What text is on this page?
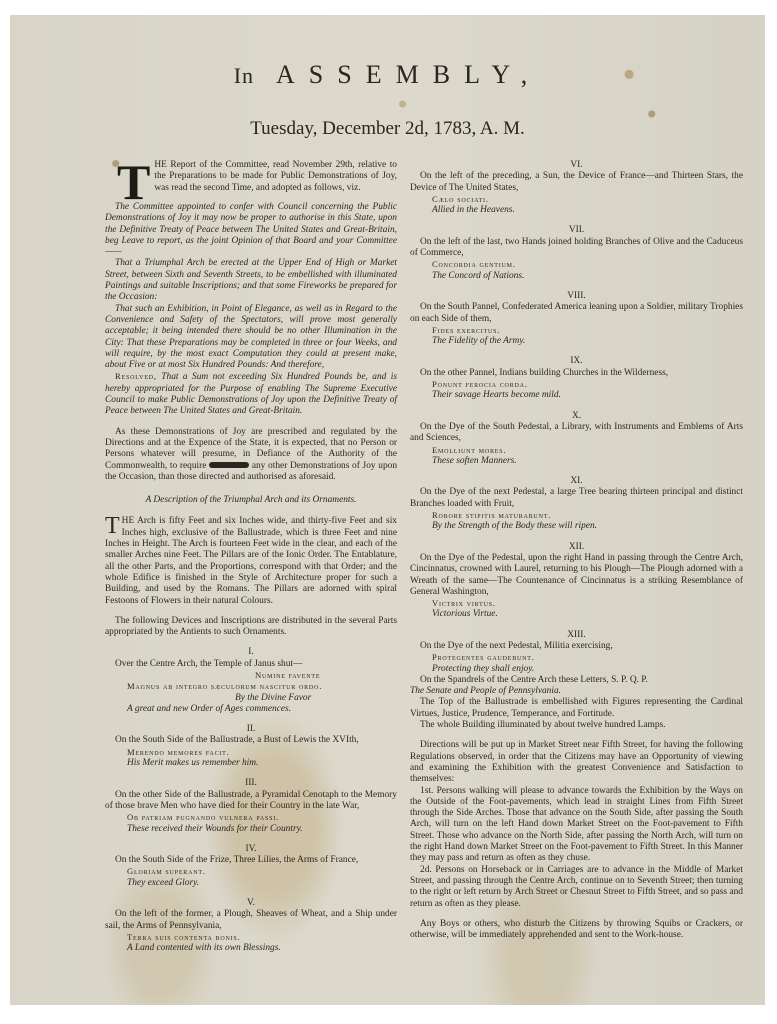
In ASSEMBLY,
Tuesday, December 2d, 1783, A. M.

THE Report of the Committee, read November 29th, relative to the Preparations to be made for Public Demonstrations of Joy, was read the second Time, and adopted as follows, viz.

The Committee appointed to confer with Council concerning the Public Demonstrations of Joy it may now be proper to authorise in this State, upon the Definitive Treaty of Peace between The United States and Great-Britain, beg Leave to report, as the joint Opinion of that Board and your Committee——

That a Triumphal Arch be erected at the Upper End of High or Market Street, between Sixth and Seventh Streets, to be embellished with illuminated Paintings and suitable Inscriptions; and that some Fireworks be prepared for the Occasion:

That such an Exhibition, in Point of Elegance, as well as in Regard to the Convenience and Safety of the Spectators, will prove most generally acceptable; it being intended there should be no other Illumination in the City: That these Preparations may be completed in three or four Weeks, and will require, by the most exact Computation they could at present make, about Five or at most Six Hundred Pounds: And therefore,

Resolved, That a Sum not exceeding Six Hundred Pounds be, and is hereby appropriated for the Purpose of enabling The Supreme Executive Council to make Public Demonstrations of Joy upon the Definitive Treaty of Peace between The United States and Great-Britain.

As these Demonstrations of Joy are prescribed and regulated by the Directions and at the Expence of the State, it is expected, that no Person or Persons whatever will presume, in Defiance of the Authority of the Commonwealth, to require	any other Demonstrations of Joy upon the Occasion, than those directed and authorised as aforesaid.

A Description of the Triumphal Arch and its Ornaments.

THE Arch is fifty Feet and six Inches wide, and thirty-five Feet and six Inches high, exclusive of the Ballustrade, which is three Feet and nine Inches in Height. The Arch is fourteen Feet wide in the clear, and each of the smaller Arches nine Feet. The Pillars are of the Ionic Order. The Entablature, all the other Parts, and the Proportions, correspond with that Order; and the whole Edifice is finished in the Style of Architecture proper for such a Building, and used by the Romans. The Pillars are adorned with spiral Festoons of Flowers in their natural Colours.

The following Devices and Inscriptions are distributed in the several Parts appropriated by the Antients to such Ornaments.

I.

Over the Centre Arch, the Temple of Janus shut—

Numine favente

Magnus ab integro sæculorum nascitur ordo.

By the Divine Favor

A great and new Order of Ages commences.

II.

On the South Side of the Ballustrade, a Bust of Lewis the XVIth,

Merendo memores facit.

His Merit makes us remember him.

III.

On the other Side of the Ballustrade, a Pyramidal Cenotaph to the Memory of those brave Men who have died for their Country in the late War,

Ob patriam pugnando vulnera passi.

These received their Wounds for their Country.

IV.

On the South Side of the Frize, Three Lilies, the Arms of France,

Gloriam superant.

They exceed Glory.

V.

On the left of the former, a Plough, Sheaves of Wheat, and a Ship under sail, the Arms of Pennsylvania,

Terra suis contenta bonis.

A Land contented with its own Blessings.

VI.

On the left of the preceding, a Sun, the Device of France—and Thirteen Stars, the Device of The United States,

Cælo sociati.

Allied in the Heavens.

VII.

On the left of the last, two Hands joined holding Branches of Olive and the Caduceus of Commerce,

Concordia gentium.

The Concord of Nations.

VIII.

On the South Pannel, Confederated America leaning upon a Soldier, military Trophies on each Side of them,

Fides exercitus.

The Fidelity of the Army.

IX.

On the other Pannel, Indians building Churches in the Wilderness,

Ponunt ferocia corda.

Their savage Hearts become mild.

X.

On the Dye of the South Pedestal, a Library, with Instruments and Emblems of Arts and Sciences,

Emolliunt mores.

These soften Manners.

XI.

On the Dye of the next Pedestal, a large Tree bearing thirteen principal and distinct Branches loaded with Fruit,

Robore stipitis maturabunt.

By the Strength of the Body these will ripen.

XII.

On the Dye of the Pedestal, upon the right Hand in passing through the Centre Arch, Cincinnatus, crowned with Laurel, returning to his Plough—The Plough adorned with a Wreath of the same—The Countenance of Cincinnatus is a striking Resemblance of General Washington,

Victrix virtus.

Victorious Virtue.

XIII.

On the Dye of the next Pedestal, Militia exercising,

Protegentes gaudebunt.

Protecting they shall enjoy.

On the Spandrels of the Centre Arch these Letters, S. P. Q. P.

The Senate and People of Pennsylvania.

The Top of the Ballustrade is embellished with Figures representing the Cardinal Virtues, Justice, Prudence, Temperance, and Fortitude.

The whole Building illuminated by about twelve hundred Lamps.

Directions will be put up in Market Street near Fifth Street, for having the following Regulations observed, in order that the Citizens may have an Opportunity of viewing and examining the Exhibition with the greatest Convenience and Satisfaction to themselves:

1st. Persons walking will please to advance towards the Exhibition by the Ways on the Outside of the Foot-pavements, which lead in straight Lines from Fifth Street through the Side Arches. Those that advance on the South Side, after passing the South Arch, will turn on the left Hand down Market Street on the Foot-pavement to Fifth Street. Those who advance on the North Side, after passing the North Arch, will turn on the right Hand down Market Street on the Foot-pavement to Fifth Street. In this Manner they may pass and return as often as they chuse.

2d. Persons on Horseback or in Carriages are to advance in the Middle of Market Street, and passing through the Centre Arch, continue on to Seventh Street; then turning to the right or left return by Arch Street or Chesnut Street to Fifth Street, and so pass and return as often as they please.

Any Boys or others, who disturb the Citizens by throwing Squibs or Crackers, or otherwise, will be immediately apprehended and sent to the Work-house.
